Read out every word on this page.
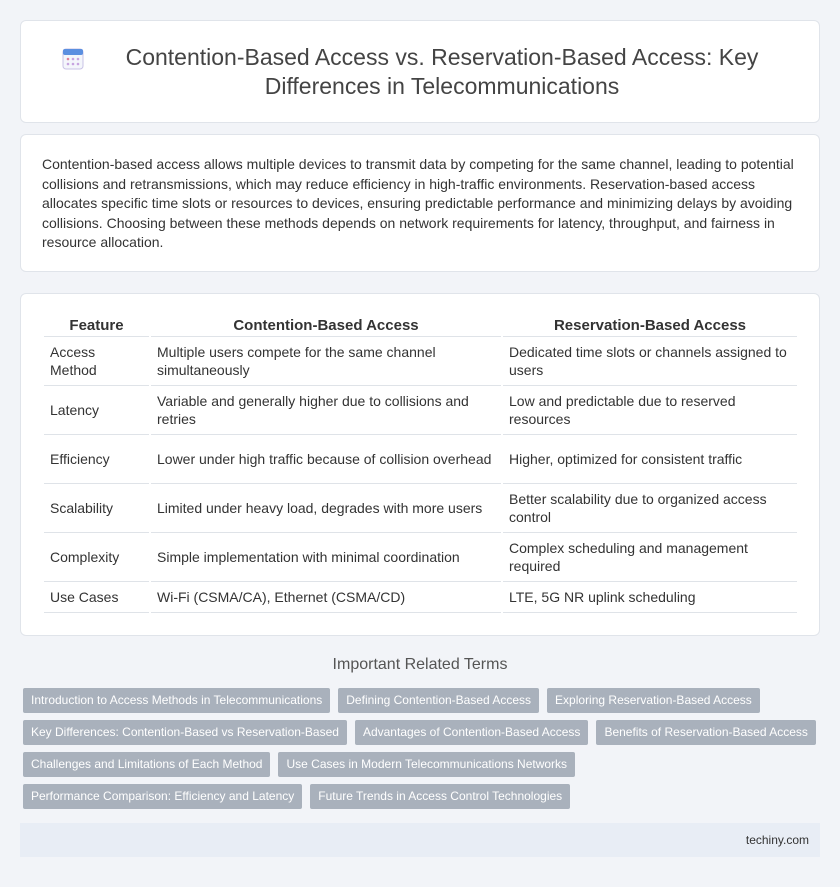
Contention-Based Access vs. Reservation-Based Access: Key Differences in Telecommunications

Contention-based access allows multiple devices to transmit data by competing for the same channel, leading to potential collisions and retransmissions, which may reduce efficiency in high-traffic environments. Reservation-based access allocates specific time slots or resources to devices, ensuring predictable performance and minimizing delays by avoiding collisions. Choosing between these methods depends on network requirements for latency, throughput, and fairness in resource allocation.

Feature	Contention-Based Access	Reservation-Based Access
Access Method	Multiple users compete for the same channel simultaneously	Dedicated time slots or channels assigned to users
Latency	Variable and generally higher due to collisions and retries	Low and predictable due to reserved resources
Efficiency	Lower under high traffic because of collision overhead	Higher, optimized for consistent traffic
Scalability	Limited under heavy load, degrades with more users	Better scalability due to organized access control
Complexity	Simple implementation with minimal coordination	Complex scheduling and management required
Use Cases	Wi-Fi (CSMA/CA), Ethernet (CSMA/CD)	LTE, 5G NR uplink scheduling
Important Related Terms
Introduction to Access Methods in Telecommunications	Defining Contention-Based Access	Exploring Reservation-Based Access
Key Differences: Contention-Based vs Reservation-Based	Advantages of Contention-Based Access	Benefits of Reservation-Based Access
Challenges and Limitations of Each Method	Use Cases in Modern Telecommunications Networks
Performance Comparison: Efficiency and Latency	Future Trends in Access Control Technologies
techiny.com
